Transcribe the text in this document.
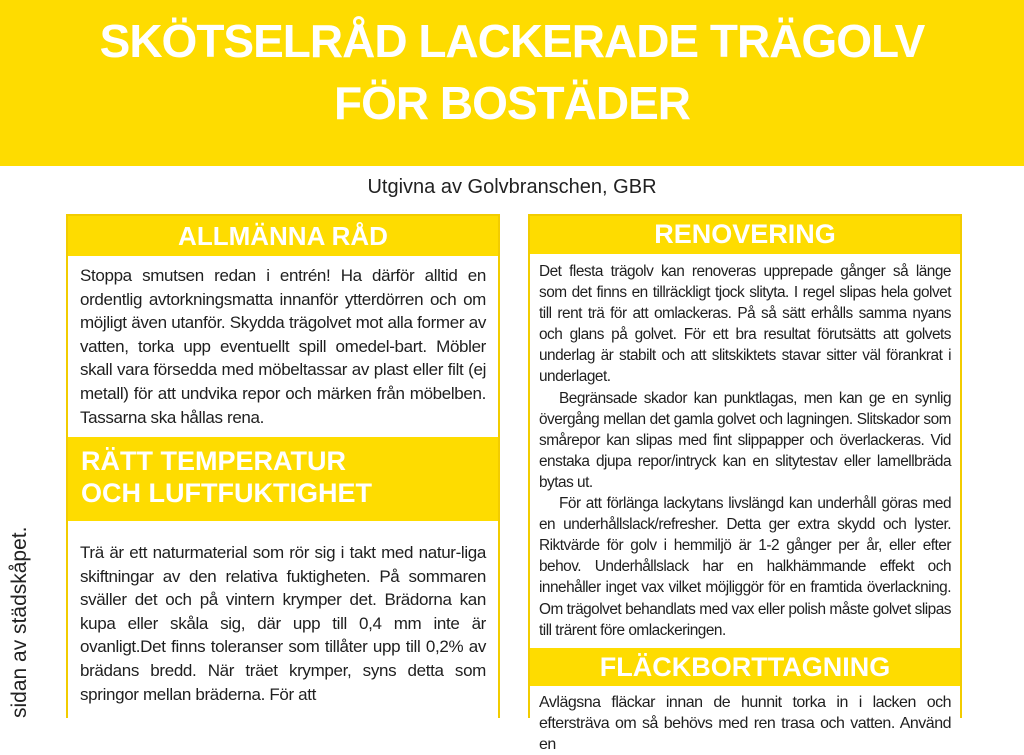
SKÖTSELRÅD LACKERADE TRÄGOLV
FÖR BOSTÄDER
Utgivna av Golvbranschen, GBR
sidan av städskåpet.
ALLMÄNNA RÅD

Stoppa smutsen redan i entrén! Ha därför alltid en ordentlig avtorkningsmatta innanför ytterdörren och om möjligt även utanför. Skydda trägolvet mot alla former av vatten, torka upp eventuellt spill omedel-bart. Möbler skall vara försedda med möbeltassar av plast eller filt (ej metall) för att undvika repor och märken från möbelben. Tassarna ska hållas rena.

RÄTT TEMPERATUR
OCH LUFTFUKTIGHET

Trä är ett naturmaterial som rör sig i takt med natur-liga skiftningar av den relativa fuktigheten. På sommaren sväller det och på vintern krymper det. Brädorna kan kupa eller skåla sig, där upp till 0,4 mm inte är ovanligt.Det finns toleranser som tillåter upp till 0,2% av brädans bredd. När träet krymper, syns detta som springor mellan bräderna. För att

RENOVERING

Det flesta trägolv kan renoveras upprepade gånger så länge som det finns en tillräckligt tjock slityta. I regel slipas hela golvet till rent trä för att omlackeras. På så sätt erhålls samma nyans och glans på golvet. För ett bra resultat förutsätts att golvets underlag är stabilt och att slitskiktets stavar sitter väl förankrat i underlaget.

Begränsade skador kan punktlagas, men kan ge en synlig övergång mellan det gamla golvet och lagningen. Slitskador som smårepor kan slipas med fint slippapper och överlackeras. Vid enstaka djupa repor/intryck kan en slitytestav eller lamellbräda bytas ut.

För att förlänga lackytans livslängd kan underhåll göras med en underhållslack/refresher. Detta ger extra skydd och lyster. Riktvärde för golv i hemmiljö är 1-2 gånger per år, eller efter behov. Underhållslack har en halkhämmande effekt och innehåller inget vax vilket möjliggör för en framtida överlackning. Om trägolvet behandlats med vax eller polish måste golvet slipas till trärent före omlackeringen.

FLÄCKBORTTAGNING

Avlägsna fläckar innan de hunnit torka in i lacken och eftersträva om så behövs med ren trasa och vatten. Använd en
